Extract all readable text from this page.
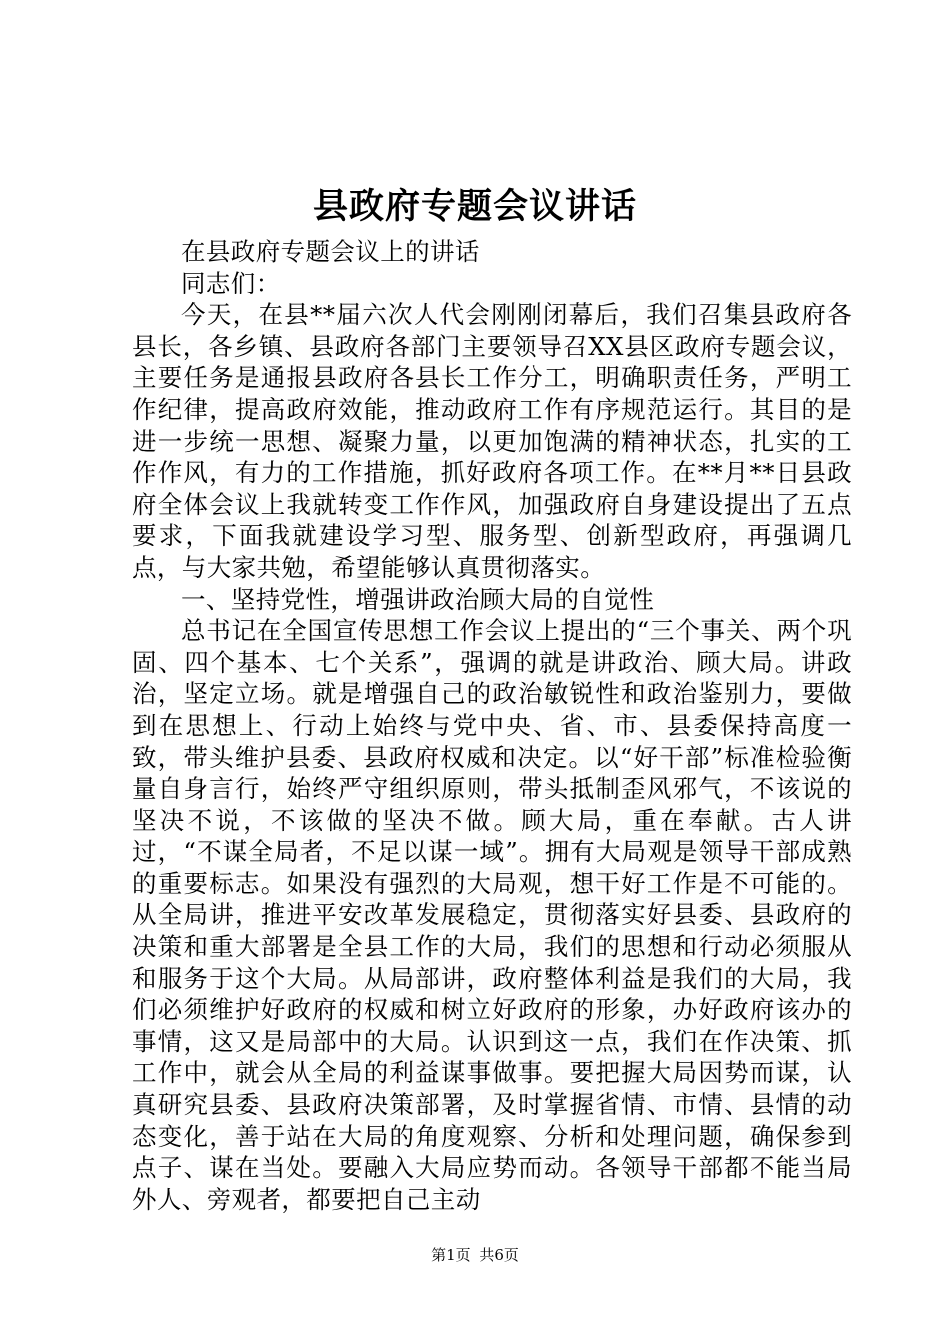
县政府专题会议讲话

在县政府专题会议上的讲话

同志们：

今天，在县**届六次人代会刚刚闭幕后，我们召集县政府各县长，各乡镇、县政府各部门主要领导召XX县区政府专题会议，主要任务是通报县政府各县长工作分工，明确职责任务，严明工作纪律，提高政府效能，推动政府工作有序规范运行。其目的是进一步统一思想、凝聚力量，以更加饱满的精神状态，扎实的工作作风，有力的工作措施，抓好政府各项工作。在**月**日县政府全体会议上我就转变工作作风，加强政府自身建设提出了五点要求，下面我就建设学习型、服务型、创新型政府，再强调几点，与大家共勉，希望能够认真贯彻落实。

一、坚持党性，增强讲政治顾大局的自觉性

总书记在全国宣传思想工作会议上提出的“三个事关、两个巩固、四个基本、七个关系”，强调的就是讲政治、顾大局。讲政治，坚定立场。就是增强自己的政治敏锐性和政治鉴别力，要做到在思想上、行动上始终与党中央、省、市、县委保持高度一致，带头维护县委、县政府权威和决定。以“好干部”标准检验衡量自身言行，始终严守组织原则，带头抵制歪风邪气，不该说的坚决不说，不该做的坚决不做。顾大局，重在奉献。古人讲过，“不谋全局者，不足以谋一域”。拥有大局观是领导干部成熟的重要标志。如果没有强烈的大局观，想干好工作是不可能的。从全局讲，推进平安改革发展稳定，贯彻落实好县委、县政府的决策和重大部署是全县工作的大局，我们的思想和行动必须服从和服务于这个大局。从局部讲，政府整体利益是我们的大局，我们必须维护好政府的权威和树立好政府的形象，办好政府该办的事情，这又是局部中的大局。认识到这一点，我们在作决策、抓工作中，就会从全局的利益谋事做事。要把握大局因势而谋，认真研究县委、县政府决策部署，及时掌握省情、市情、县情的动态变化，善于站在大局的角度观察、分析和处理问题，确保参到点子、谋在当处。要融入大局应势而动。各领导干部都不能当局外人、旁观者，都要把自己主动

第1页 共6页
